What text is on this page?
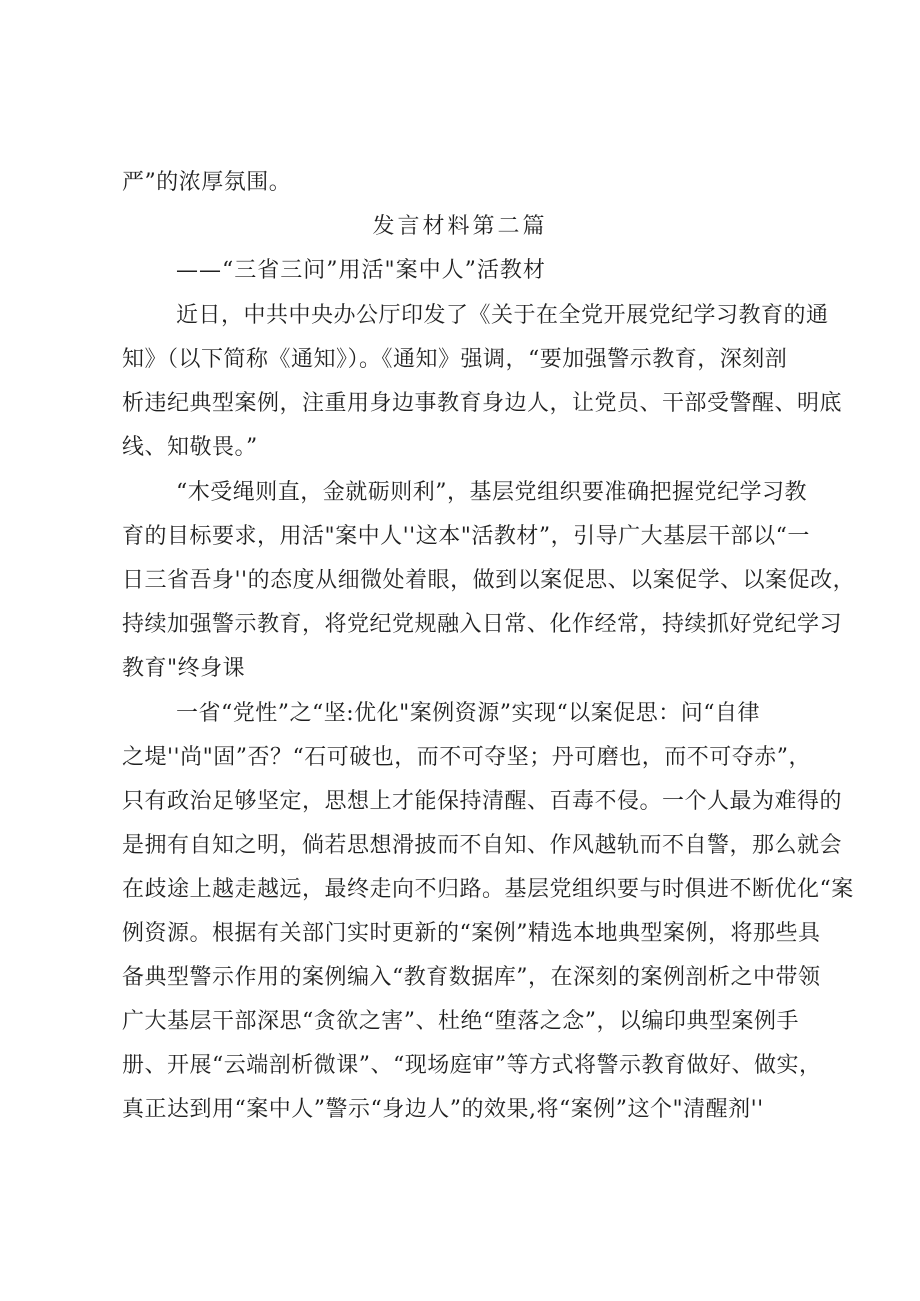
严”的浓厚氛围。
发言材料第二篇
——“三省三问”用活"案中人”活教材
近日，中共中央办公厅印发了《关于在全党开展党纪学习教育的通
知》（以下简称《通知》）。《通知》强调，“要加强警示教育，深刻剖
析违纪典型案例，注重用身边事教育身边人，让党员、干部受警醒、明底
线、知敬畏。”
“木受绳则直，金就砺则利”，基层党组织要准确把握党纪学习教
育的目标要求，用活"案中人''这本"活教材”，引导广大基层干部以“一
日三省吾身''的态度从细微处着眼，做到以案促思、以案促学、以案促改，
持续加强警示教育，将党纪党规融入日常、化作经常，持续抓好党纪学习
教育"终身课
一省“党性”之“坚:优化"案例资源”实现“以案促思：问“自律
之堤''尚"固”否？“石可破也，而不可夺坚；丹可磨也，而不可夺赤”，
只有政治足够坚定，思想上才能保持清醒、百毒不侵。一个人最为难得的
是拥有自知之明，倘若思想滑披而不自知、作风越轨而不自警，那么就会
在歧途上越走越远，最终走向不归路。基层党组织要与时俱进不断优化“案
例资源。根据有关部门实时更新的“案例”精选本地典型案例，将那些具
备典型警示作用的案例编入“教育数据库”，在深刻的案例剖析之中带领
广大基层干部深思“贪欲之害”、杜绝“堕落之念”，以编印典型案例手
册、开展“云端剖析微课”、“现场庭审”等方式将警示教育做好、做实，
真正达到用“案中人”警示“身边人”的效果,将“案例”这个"清醒剂''
